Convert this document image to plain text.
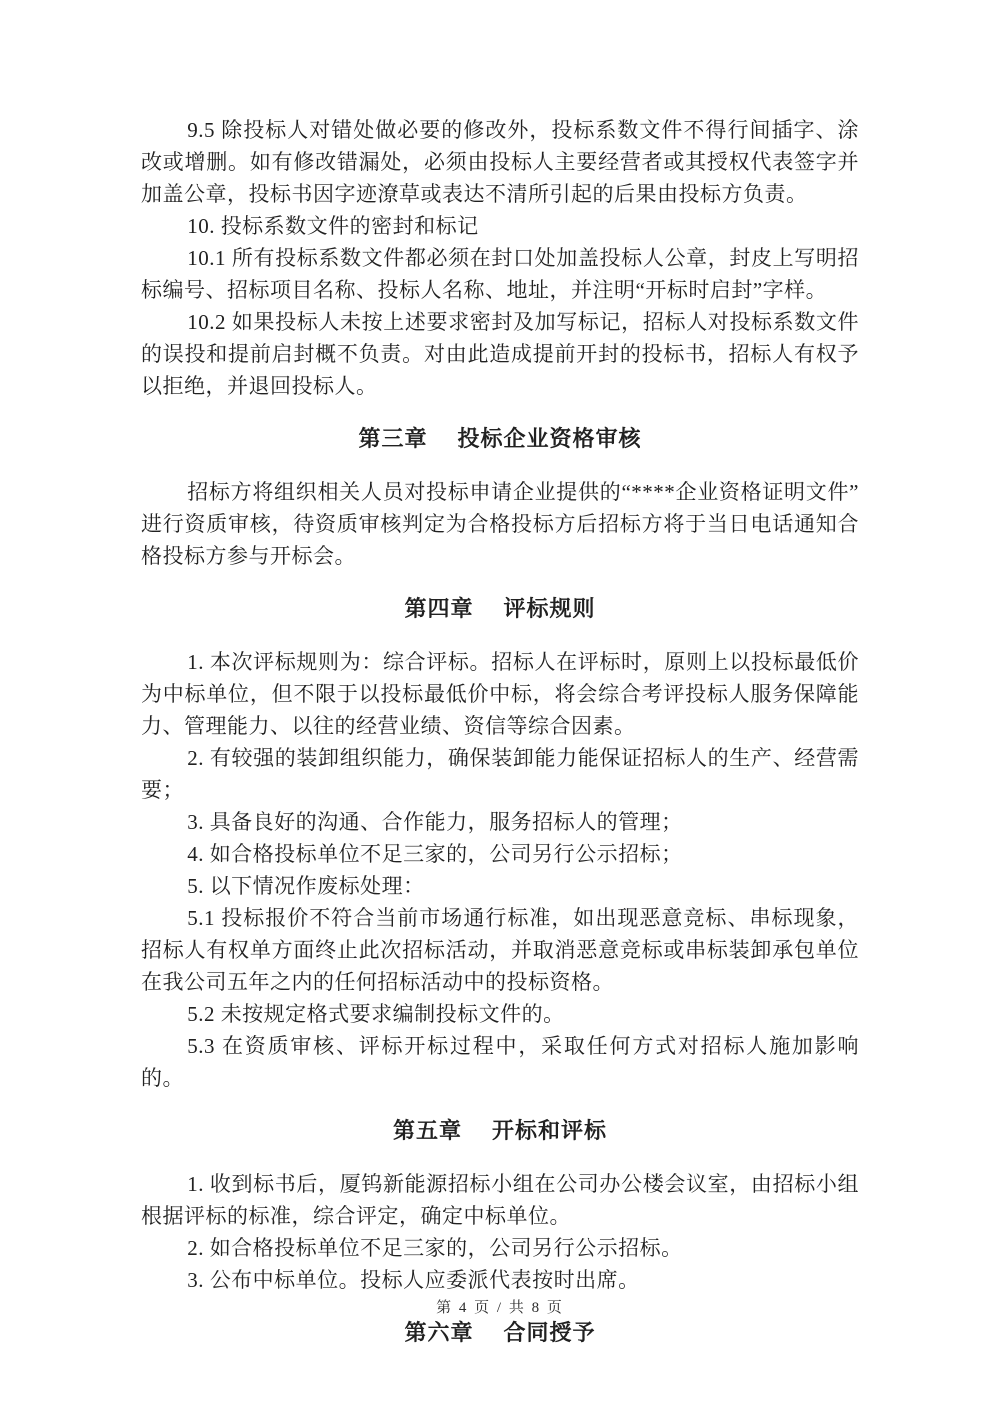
9.5 除投标人对错处做必要的修改外，投标系数文件不得行间插字、涂改或增删。如有修改错漏处，必须由投标人主要经营者或其授权代表签字并加盖公章，投标书因字迹潦草或表达不清所引起的后果由投标方负责。

10. 投标系数文件的密封和标记

10.1 所有投标系数文件都必须在封口处加盖投标人公章，封皮上写明招标编号、招标项目名称、投标人名称、地址，并注明“开标时启封”字样。

10.2 如果投标人未按上述要求密封及加写标记，招标人对投标系数文件的误投和提前启封概不负责。对由此造成提前开封的投标书，招标人有权予以拒绝，并退回投标人。

第三章 投标企业资格审核

招标方将组织相关人员对投标申请企业提供的“****企业资格证明文件”进行资质审核，待资质审核判定为合格投标方后招标方将于当日电话通知合格投标方参与开标会。

第四章 评标规则

1. 本次评标规则为：综合评标。招标人在评标时，原则上以投标最低价为中标单位，但不限于以投标最低价中标，将会综合考评投标人服务保障能力、管理能力、以往的经营业绩、资信等综合因素。

2. 有较强的装卸组织能力，确保装卸能力能保证招标人的生产、经营需要；

3. 具备良好的沟通、合作能力，服务招标人的管理；

4. 如合格投标单位不足三家的，公司另行公示招标；

5. 以下情况作废标处理：

5.1 投标报价不符合当前市场通行标准，如出现恶意竞标、串标现象，招标人有权单方面终止此次招标活动，并取消恶意竞标或串标装卸承包单位在我公司五年之内的任何招标活动中的投标资格。

5.2 未按规定格式要求编制投标文件的。

5.3 在资质审核、评标开标过程中，采取任何方式对招标人施加影响的。

第五章 开标和评标

1. 收到标书后，厦钨新能源招标小组在公司办公楼会议室，由招标小组根据评标的标准，综合评定，确定中标单位。

2. 如合格投标单位不足三家的，公司另行公示招标。

3. 公布中标单位。投标人应委派代表按时出席。

第六章 合同授予
第 4 页 / 共 8 页
